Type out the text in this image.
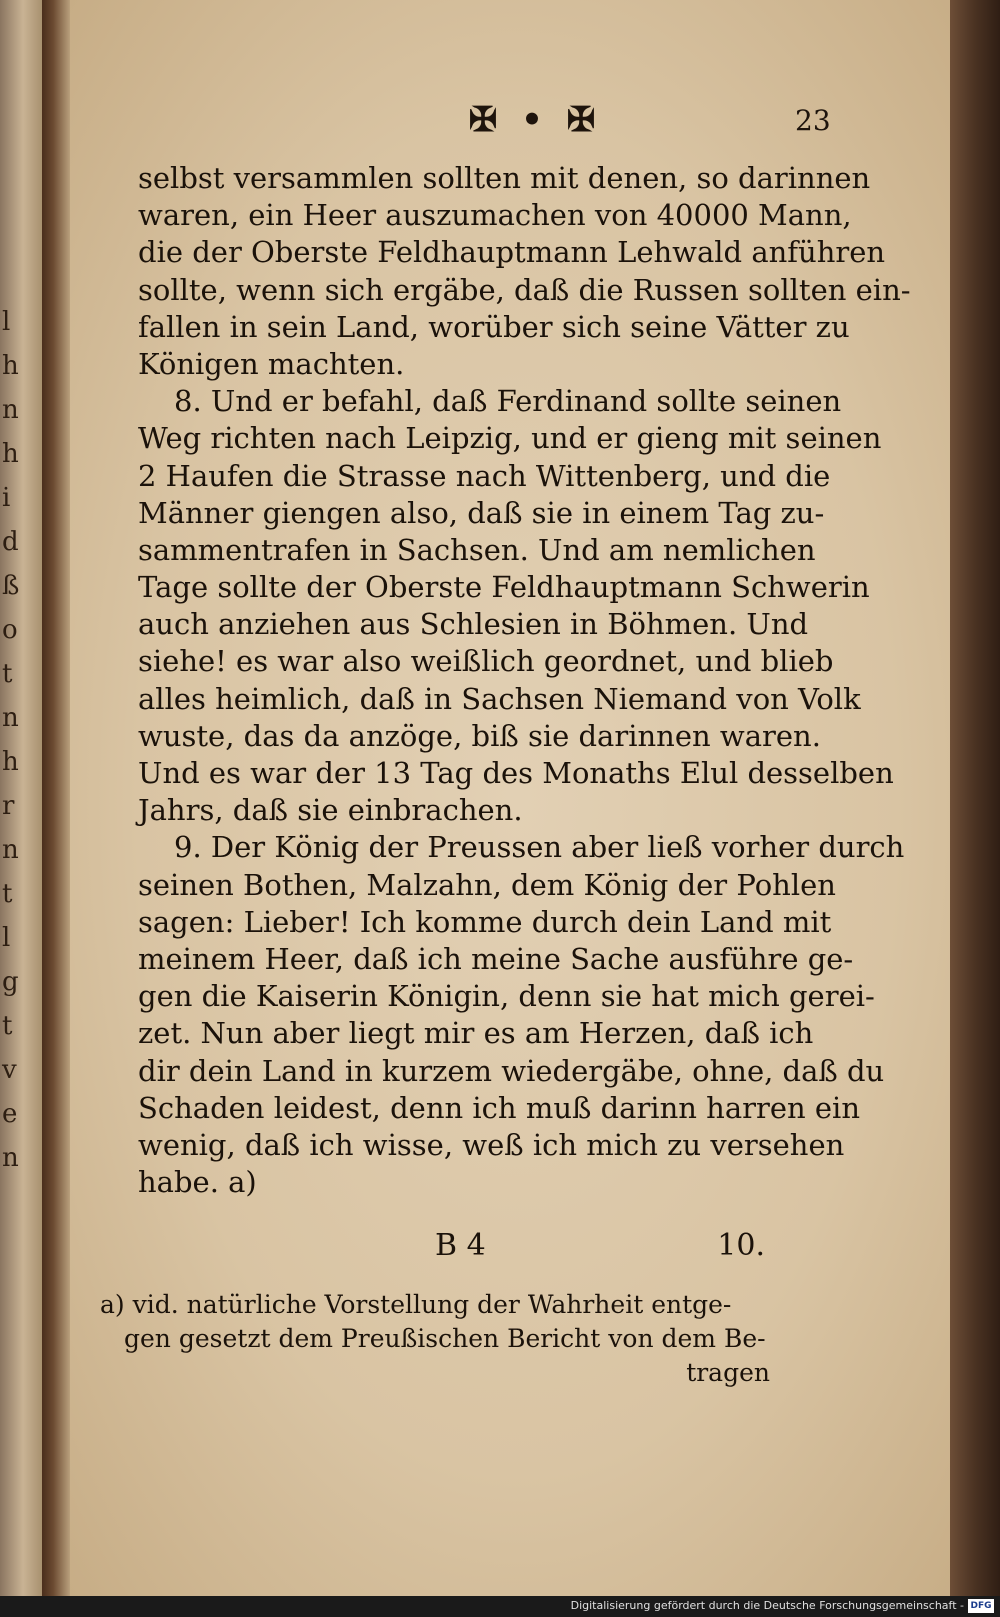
l
h
n
h
i
d
ß
o
t
n
h
r
n
t
l
g
t
v
e
n
✠ • ✠	23
selbst versammlen sollten mit denen, so darinnen
waren, ein Heer auszumachen von 40000 Mann,
die der Oberste Feldhauptmann Lehwald anführen
sollte, wenn sich ergäbe, daß die Russen sollten ein-
fallen in sein Land, worüber sich seine Vätter zu
Königen machten.
8. Und er befahl, daß Ferdinand sollte seinen
Weg richten nach Leipzig, und er gieng mit seinen
2 Haufen die Strasse nach Wittenberg, und die
Männer giengen also, daß sie in einem Tag zu-
sammentrafen in Sachsen. Und am nemlichen
Tage sollte der Oberste Feldhauptmann Schwerin
auch anziehen aus Schlesien in Böhmen. Und
siehe! es war also weißlich geordnet, und blieb
alles heimlich, daß in Sachsen Niemand von Volk
wuste, das da anzöge, biß sie darinnen waren.
Und es war der 13 Tag des Monaths Elul desselben
Jahrs, daß sie einbrachen.
9. Der König der Preussen aber ließ vorher durch
seinen Bothen, Malzahn, dem König der Pohlen
sagen: Lieber! Ich komme durch dein Land mit
meinem Heer, daß ich meine Sache ausführe ge-
gen die Kaiserin Königin, denn sie hat mich gerei-
zet. Nun aber liegt mir es am Herzen, daß ich
dir dein Land in kurzem wiedergäbe, ohne, daß du
Schaden leidest, denn ich muß darinn harren ein
wenig, daß ich wisse, weß ich mich zu versehen
habe. a)
B 4	10.
a) vid. natürliche Vorstellung der Wahrheit entge-
gen gesetzt dem Preußischen Bericht von dem Be-
tragen
Digitalisierung gefördert durch die Deutsche Forschungsgemeinschaft - DFG
